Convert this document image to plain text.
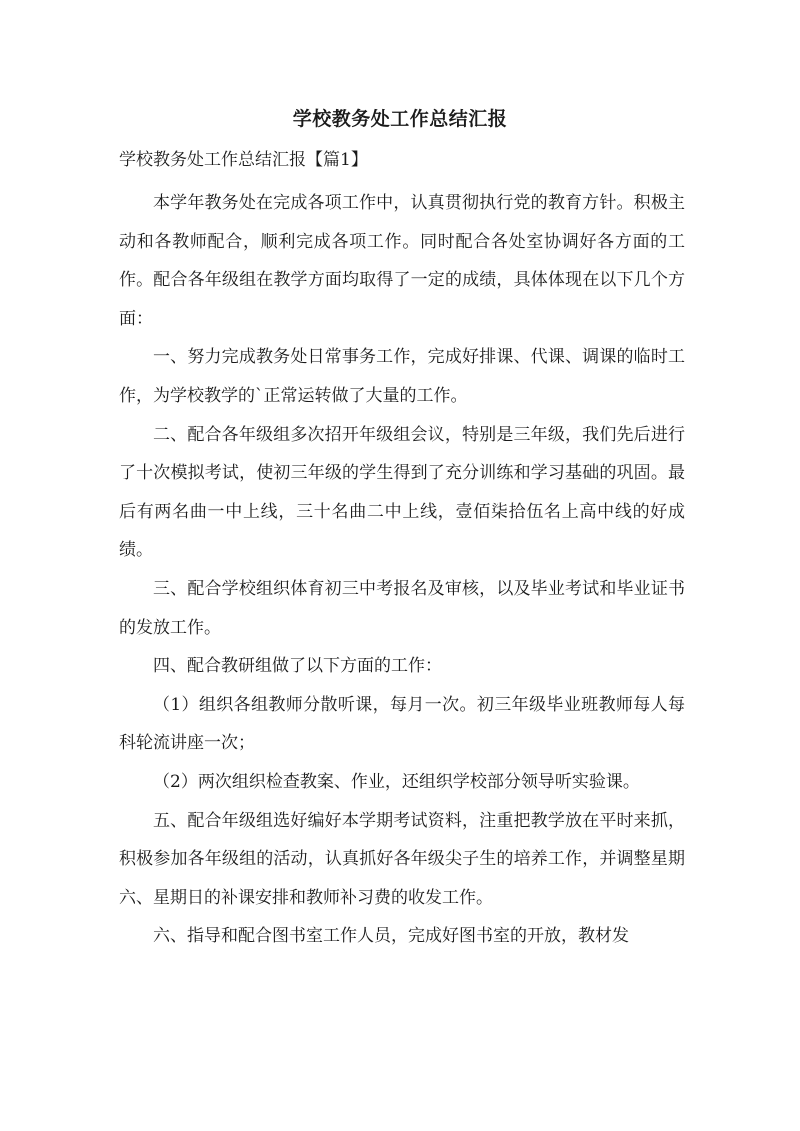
学校教务处工作总结汇报
学校教务处工作总结汇报【篇1】

本学年教务处在完成各项工作中，认真贯彻执行党的教育方针。积极主动和各教师配合，顺利完成各项工作。同时配合各处室协调好各方面的工作。配合各年级组在教学方面均取得了一定的成绩，具体体现在以下几个方面：

一、努力完成教务处日常事务工作，完成好排课、代课、调课的临时工作，为学校教学的`正常运转做了大量的工作。

二、配合各年级组多次招开年级组会议，特别是三年级，我们先后进行了十次模拟考试，使初三年级的学生得到了充分训练和学习基础的巩固。最后有两名曲一中上线，三十名曲二中上线，壹佰柒拾伍名上高中线的好成绩。

三、配合学校组织体育初三中考报名及审核，以及毕业考试和毕业证书的发放工作。

四、配合教研组做了以下方面的工作：

（1）组织各组教师分散听课，每月一次。初三年级毕业班教师每人每科轮流讲座一次；

（2）两次组织检查教案、作业，还组织学校部分领导听实验课。

五、配合年级组选好编好本学期考试资料，注重把教学放在平时来抓，积极参加各年级组的活动，认真抓好各年级尖子生的培养工作，并调整星期六、星期日的补课安排和教师补习费的收发工作。

六、指导和配合图书室工作人员，完成好图书室的开放，教材发
